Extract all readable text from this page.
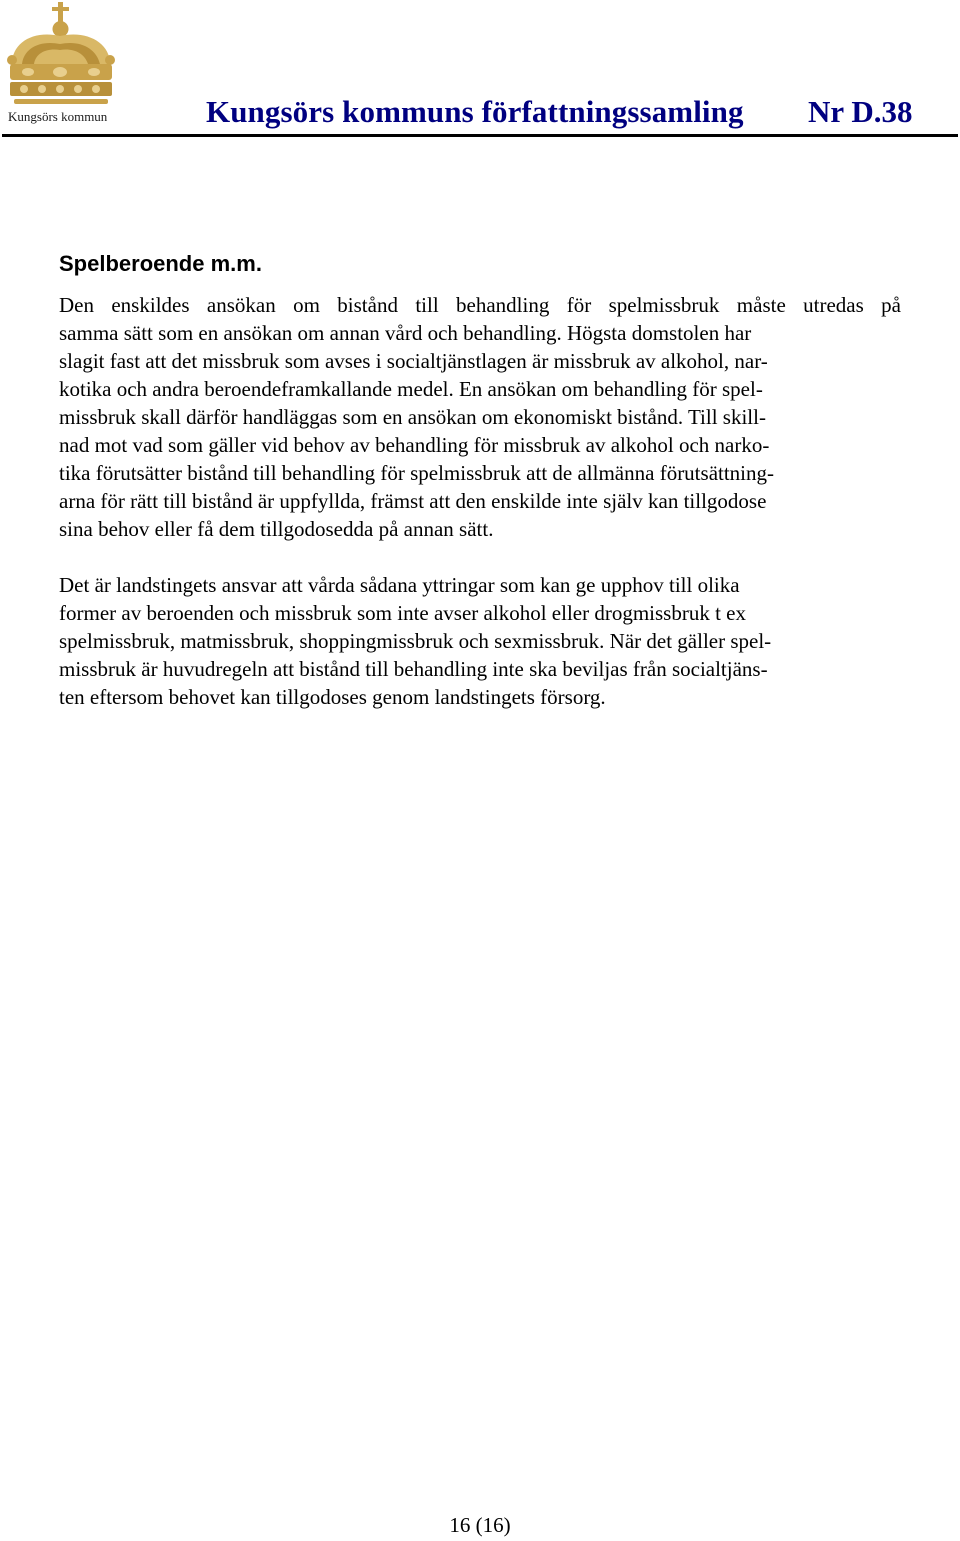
Kungsörs kommun	Kungsörs kommuns författningssamling Nr D.38
Spelberoende m.m.

Den enskildes ansökan om bistånd till behandling för spelmissbruk måste utredas på
samma sätt som en ansökan om annan vård och behandling. Högsta domstolen har
slagit fast att det missbruk som avses i socialtjänstlagen är missbruk av alkohol, nar-
kotika och andra beroendeframkallande medel. En ansökan om behandling för spel-
missbruk skall därför handläggas som en ansökan om ekonomiskt bistånd. Till skill-
nad mot vad som gäller vid behov av behandling för missbruk av alkohol och narko-
tika förutsätter bistånd till behandling för spelmissbruk att de allmänna förutsättning-
arna för rätt till bistånd är uppfyllda, främst att den enskilde inte själv kan tillgodose
sina behov eller få dem tillgodosedda på annan sätt.

Det är landstingets ansvar att vårda sådana yttringar som kan ge upphov till olika
former av beroenden och missbruk som inte avser alkohol eller drogmissbruk t ex
spelmissbruk, matmissbruk, shoppingmissbruk och sexmissbruk. När det gäller spel-
missbruk är huvudregeln att bistånd till behandling inte ska beviljas från socialtjäns-
ten eftersom behovet kan tillgodoses genom landstingets försorg.

16 (16)
